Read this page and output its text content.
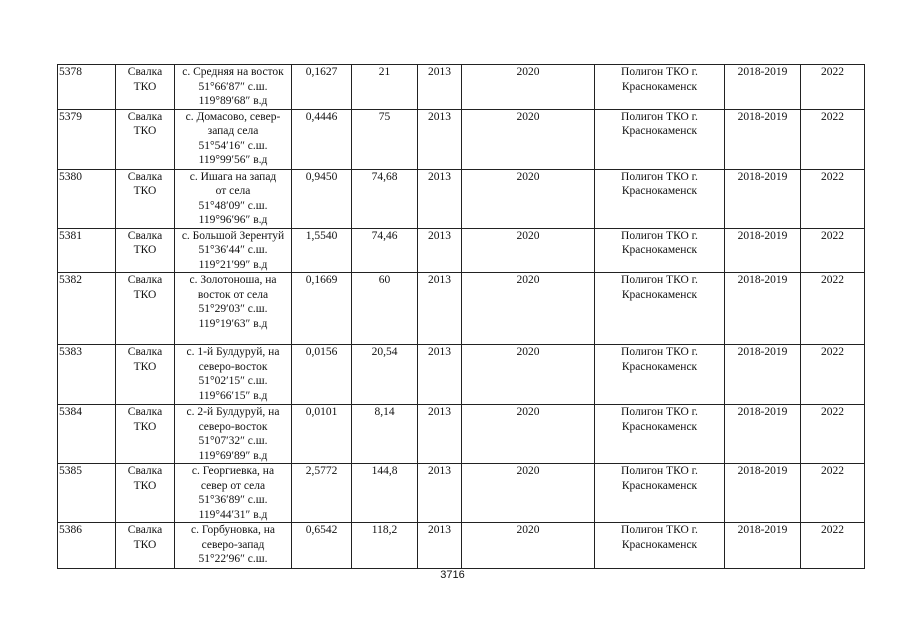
5378	Свалка ТКО	с. Средняя на восток
51°66′87″ с.ш.
119°89′68″ в.д	0,1627	21	2013	2020	Полигон ТКО г. Краснокаменск	2018-2019	2022
5379	Свалка ТКО	с. Домасово, север-
запад села
51°54′16″ с.ш.
119°99′56″ в.д	0,4446	75	2013	2020	Полигон ТКО г. Краснокаменск	2018-2019	2022
5380	Свалка ТКО	с. Ишага на запад
от села
51°48′09″ с.ш.
119°96′96″ в.д	0,9450	74,68	2013	2020	Полигон ТКО г. Краснокаменск	2018-2019	2022
5381	Свалка ТКО	с. Большой Зерентуй
51°36′44″ с.ш.
119°21′99″ в.д	1,5540	74,46	2013	2020	Полигон ТКО г. Краснокаменск	2018-2019	2022
5382	Свалка ТКО	с. Золотоноша, на
восток от села
51°29′03″ с.ш.
119°19′63″ в.д	0,1669	60	2013	2020	Полигон ТКО г. Краснокаменск	2018-2019	2022
5383	Свалка ТКО	с. 1-й Булдуруй, на
северо-восток
51°02′15″ с.ш.
119°66′15″ в.д	0,0156	20,54	2013	2020	Полигон ТКО г. Краснокаменск	2018-2019	2022
5384	Свалка ТКО	с. 2-й Булдуруй, на
северо-восток
51°07′32″ с.ш.
119°69′89″ в.д	0,0101	8,14	2013	2020	Полигон ТКО г. Краснокаменск	2018-2019	2022
5385	Свалка ТКО	с. Георгиевка, на
север от села
51°36′89″ с.ш.
119°44′31″ в.д	2,5772	144,8	2013	2020	Полигон ТКО г. Краснокаменск	2018-2019	2022
5386	Свалка ТКО	с. Горбуновка, на
северо-запад
51°22′96″ с.ш.	0,6542	118,2	2013	2020	Полигон ТКО г. Краснокаменск	2018-2019	2022
3716
